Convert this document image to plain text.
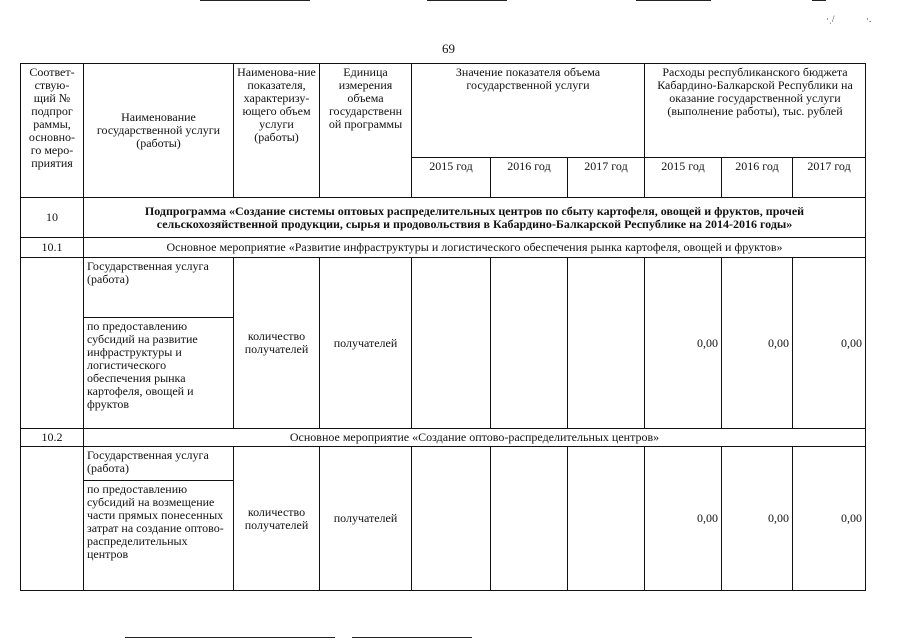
·ˌ/	·.
69
Соответ-ствую-щий № подпрог раммы, основно-го меро-приятия	Наименование государственной услуги (работы)	Наименова-ние показателя, характеризу-ющего объем услуги (работы)	Единица измерения объема государственн ой программы	Значение показателя объема государственной услуги			Расходы республиканского бюджета Кабардино-Балкарской Республики на оказание государственной услуги (выполнение работы), тыс. рублей		
				2015 год	2016 год	2017 год	2015 год	2016 год	2017 год
10	Подпрограмма «Создание системы оптовых распределительных центров по сбыту картофеля, овощей и фруктов, прочей сельскохозяйственной продукции, сырья и продовольствия в Кабардино-Балкарской Республике на 2014-2016 годы»								
10.1	Основное мероприятие «Развитие инфраструктуры и логистического обеспечения рынка картофеля, овощей и фруктов»								
	Государственная услуга (работа)	количество получателей	получателей				0,00	0,00	0,00
	по предоставлению субсидий на развитие инфраструктуры и логистического обеспечения рынка картофеля, овощей и фруктов								
10.2	Основное мероприятие «Создание оптово-распределительных центров»								
	Государственная услуга (работа)	количество получателей	получателей				0,00	0,00	0,00
	по предоставлению субсидий на возмещение части прямых понесенных затрат на создание оптово-распределительных центров								
